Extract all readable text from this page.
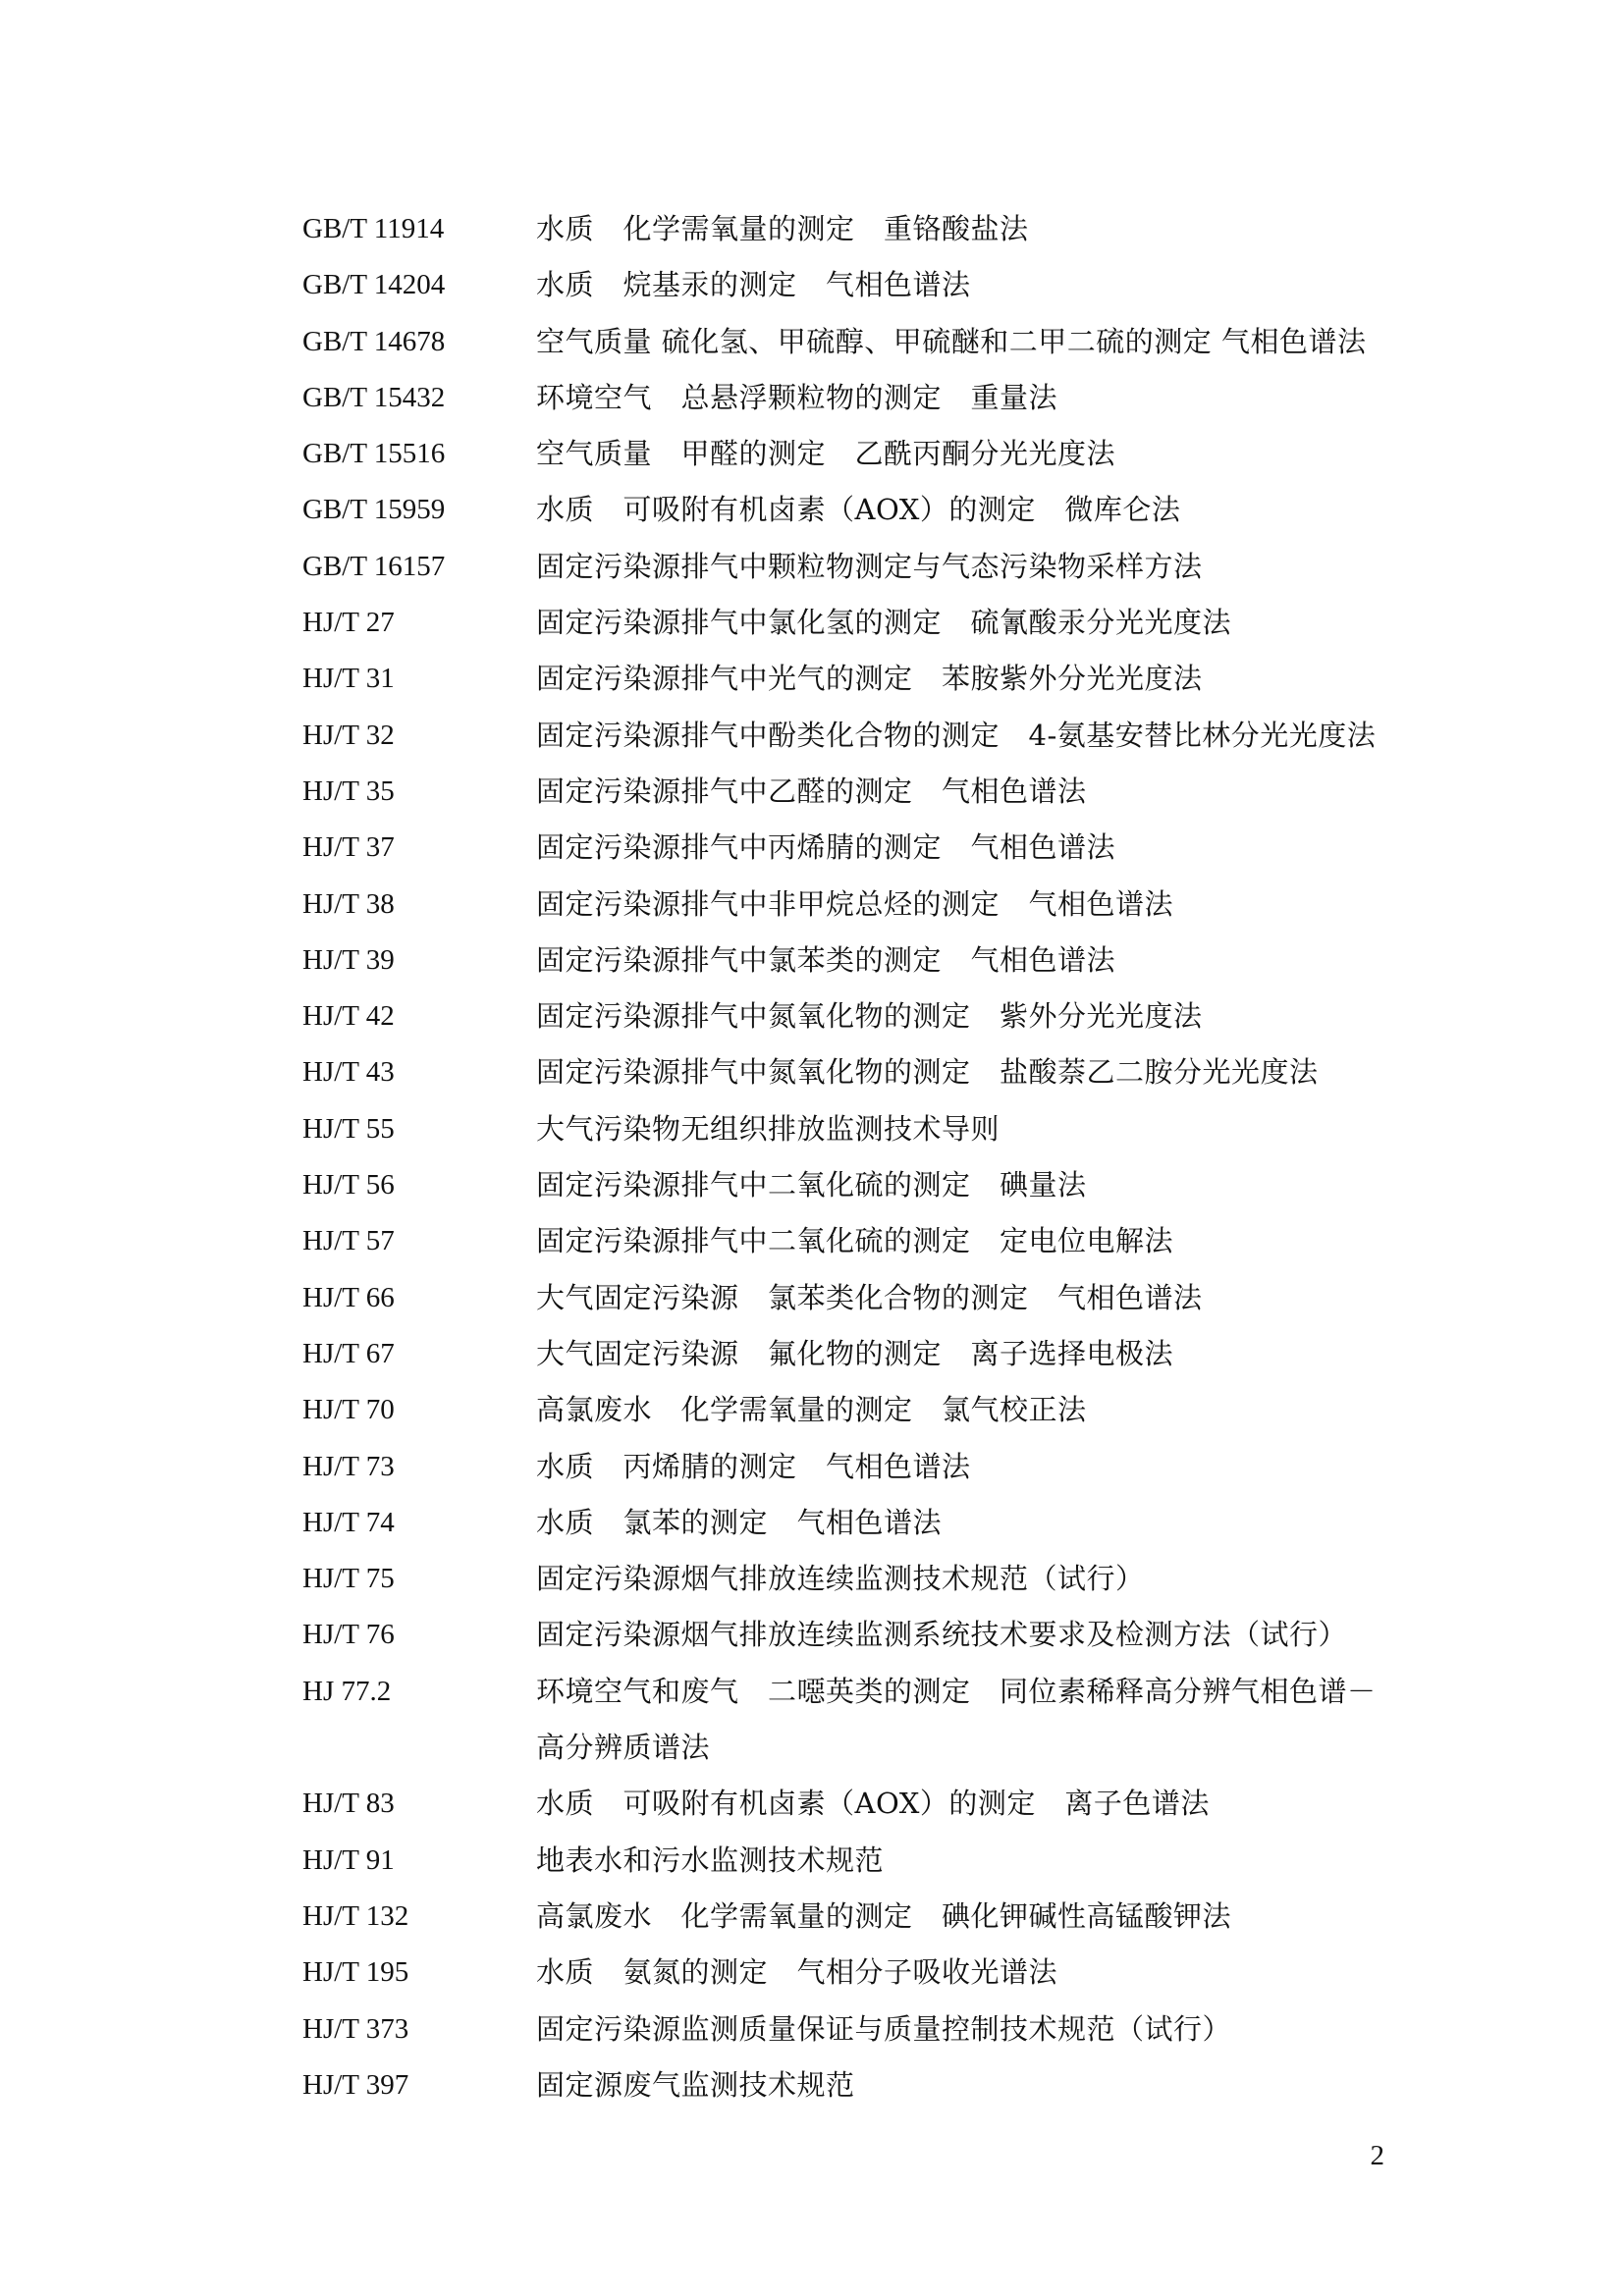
GB/T 11914	水质　化学需氧量的测定　重铬酸盐法
GB/T 14204	水质　烷基汞的测定　气相色谱法
GB/T 14678	空气质量 硫化氢、甲硫醇、甲硫醚和二甲二硫的测定 气相色谱法
GB/T 15432	环境空气　总悬浮颗粒物的测定　重量法
GB/T 15516	空气质量　甲醛的测定　乙酰丙酮分光光度法
GB/T 15959	水质　可吸附有机卤素（AOX）的测定　微库仑法
GB/T 16157	固定污染源排气中颗粒物测定与气态污染物采样方法
HJ/T 27	固定污染源排气中氯化氢的测定　硫氰酸汞分光光度法
HJ/T 31	固定污染源排气中光气的测定　苯胺紫外分光光度法
HJ/T 32	固定污染源排气中酚类化合物的测定　4-氨基安替比林分光光度法
HJ/T 35	固定污染源排气中乙醛的测定　气相色谱法
HJ/T 37	固定污染源排气中丙烯腈的测定　气相色谱法
HJ/T 38	固定污染源排气中非甲烷总烃的测定　气相色谱法
HJ/T 39	固定污染源排气中氯苯类的测定　气相色谱法
HJ/T 42	固定污染源排气中氮氧化物的测定　紫外分光光度法
HJ/T 43	固定污染源排气中氮氧化物的测定　盐酸萘乙二胺分光光度法
HJ/T 55	大气污染物无组织排放监测技术导则
HJ/T 56	固定污染源排气中二氧化硫的测定　碘量法
HJ/T 57	固定污染源排气中二氧化硫的测定　定电位电解法
HJ/T 66	大气固定污染源　氯苯类化合物的测定　气相色谱法
HJ/T 67	大气固定污染源　氟化物的测定　离子选择电极法
HJ/T 70	高氯废水　化学需氧量的测定　氯气校正法
HJ/T 73	水质　丙烯腈的测定　气相色谱法
HJ/T 74	水质　氯苯的测定　气相色谱法
HJ/T 75	固定污染源烟气排放连续监测技术规范（试行）
HJ/T 76	固定污染源烟气排放连续监测系统技术要求及检测方法（试行）
HJ 77.2	环境空气和废气　二噁英类的测定　同位素稀释高分辨气相色谱－
高分辨质谱法
HJ/T 83	水质　可吸附有机卤素（AOX）的测定　离子色谱法
HJ/T 91	地表水和污水监测技术规范
HJ/T 132	高氯废水　化学需氧量的测定　碘化钾碱性高锰酸钾法
HJ/T 195	水质　氨氮的测定　气相分子吸收光谱法
HJ/T 373	固定污染源监测质量保证与质量控制技术规范（试行）
HJ/T 397	固定源废气监测技术规范
2
